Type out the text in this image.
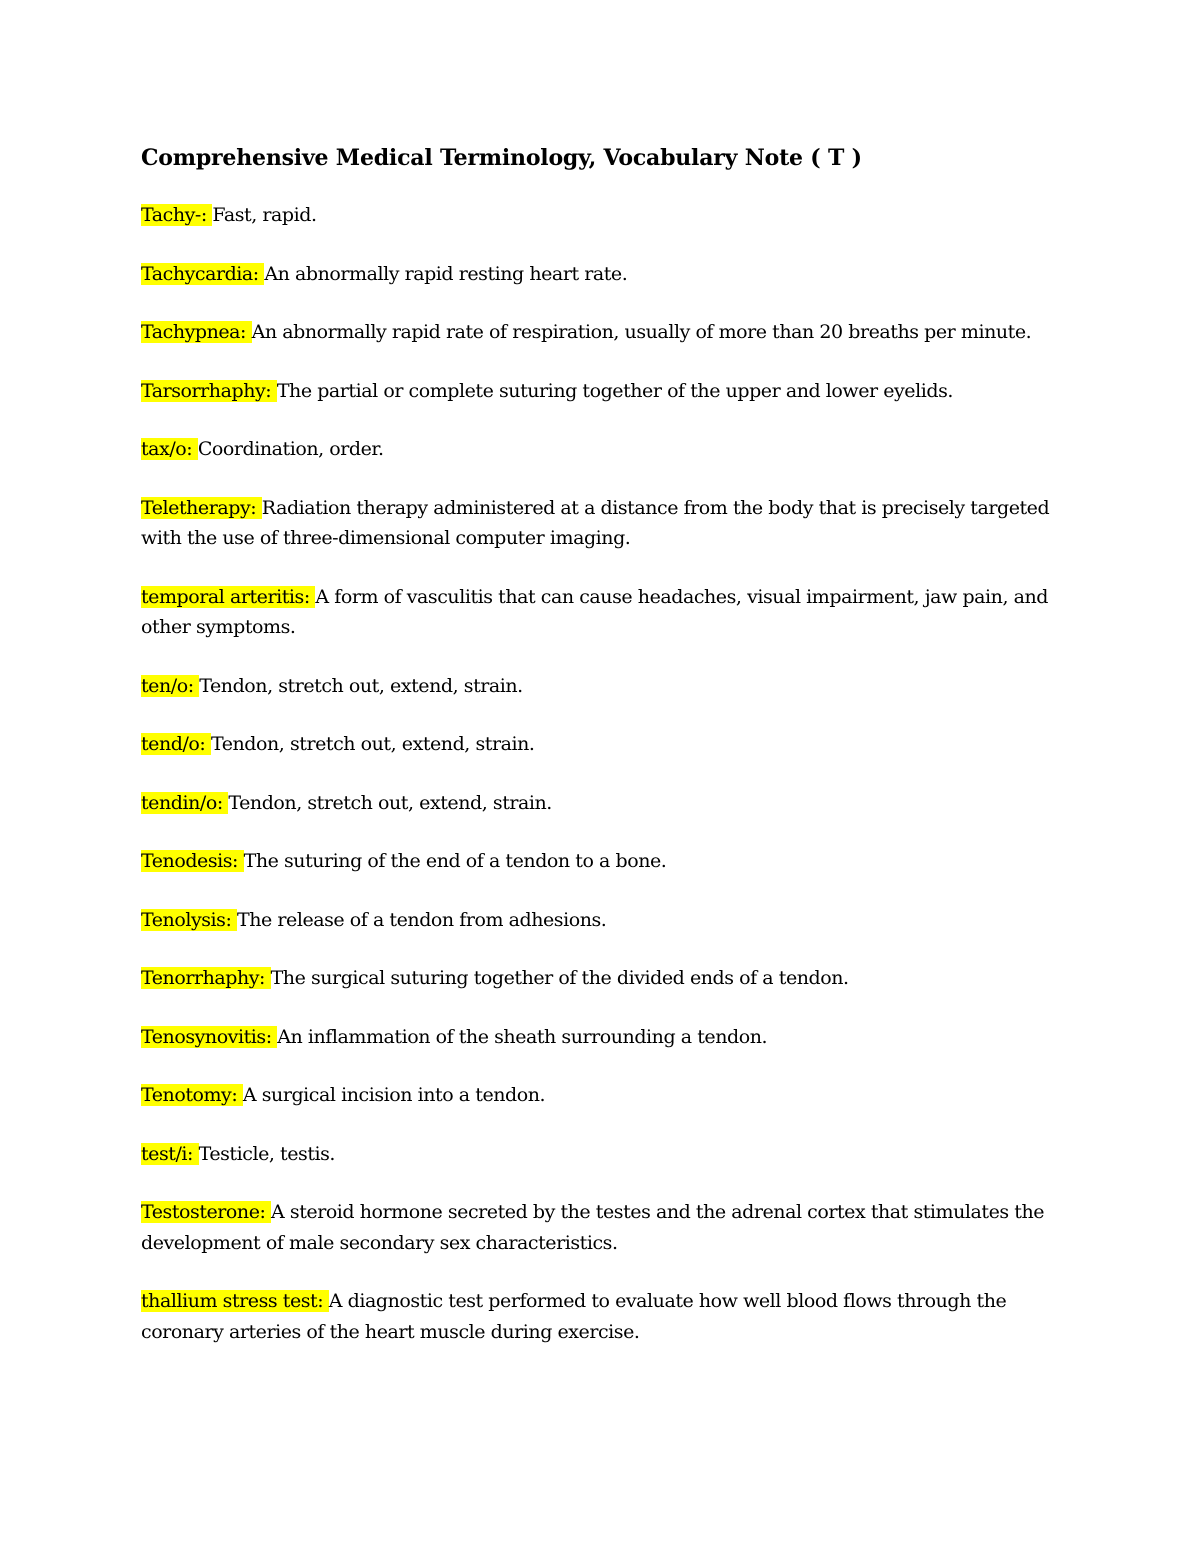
Comprehensive Medical Terminology, Vocabulary Note ( T )
Tachy-: Fast, rapid.
Tachycardia: An abnormally rapid resting heart rate.
Tachypnea: An abnormally rapid rate of respiration, usually of more than 20 breaths per minute.
Tarsorrhaphy: The partial or complete suturing together of the upper and lower eyelids.
tax/o: Coordination, order.
Teletherapy: Radiation therapy administered at a distance from the body that is precisely targeted with the use of three-dimensional computer imaging.
temporal arteritis: A form of vasculitis that can cause headaches, visual impairment, jaw pain, and other symptoms.
ten/o: Tendon, stretch out, extend, strain.
tend/o: Tendon, stretch out, extend, strain.
tendin/o: Tendon, stretch out, extend, strain.
Tenodesis: The suturing of the end of a tendon to a bone.
Tenolysis: The release of a tendon from adhesions.
Tenorrhaphy: The surgical suturing together of the divided ends of a tendon.
Tenosynovitis: An inflammation of the sheath surrounding a tendon.
Tenotomy: A surgical incision into a tendon.
test/i: Testicle, testis.
Testosterone: A steroid hormone secreted by the testes and the adrenal cortex that stimulates the development of male secondary sex characteristics.
thallium stress test: A diagnostic test performed to evaluate how well blood flows through the coronary arteries of the heart muscle during exercise.
